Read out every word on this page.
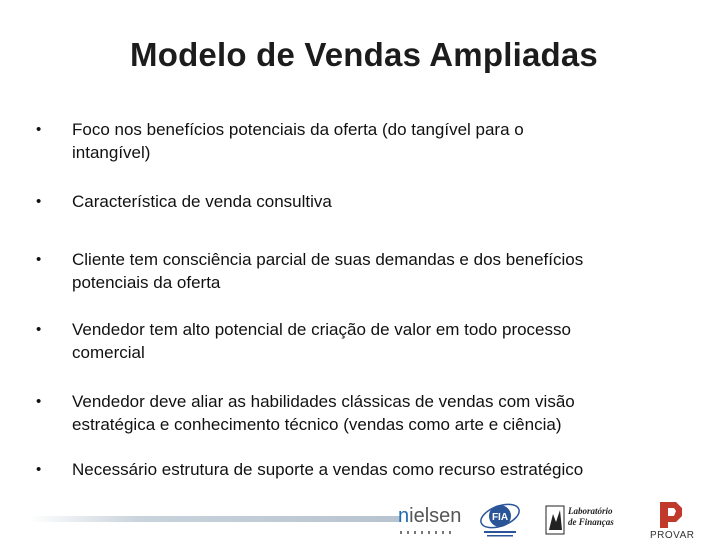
Modelo de Vendas Ampliadas
• Foco nos benefícios potenciais da oferta (do tangível para o
intangível)
• Característica de venda consultiva
• Cliente tem consciência parcial de suas demandas e dos benefícios
potenciais da oferta
• Vendedor tem alto potencial de criação de valor em todo processo
comercial
• Vendedor deve aliar as habilidades clássicas de vendas com visão
estratégica e conhecimento técnico (vendas como arte e ciência)
• Necessário estrutura de suporte a vendas como recurso estratégico
nielsen	FIA
Laboratório
de Finanças
PROVAR
